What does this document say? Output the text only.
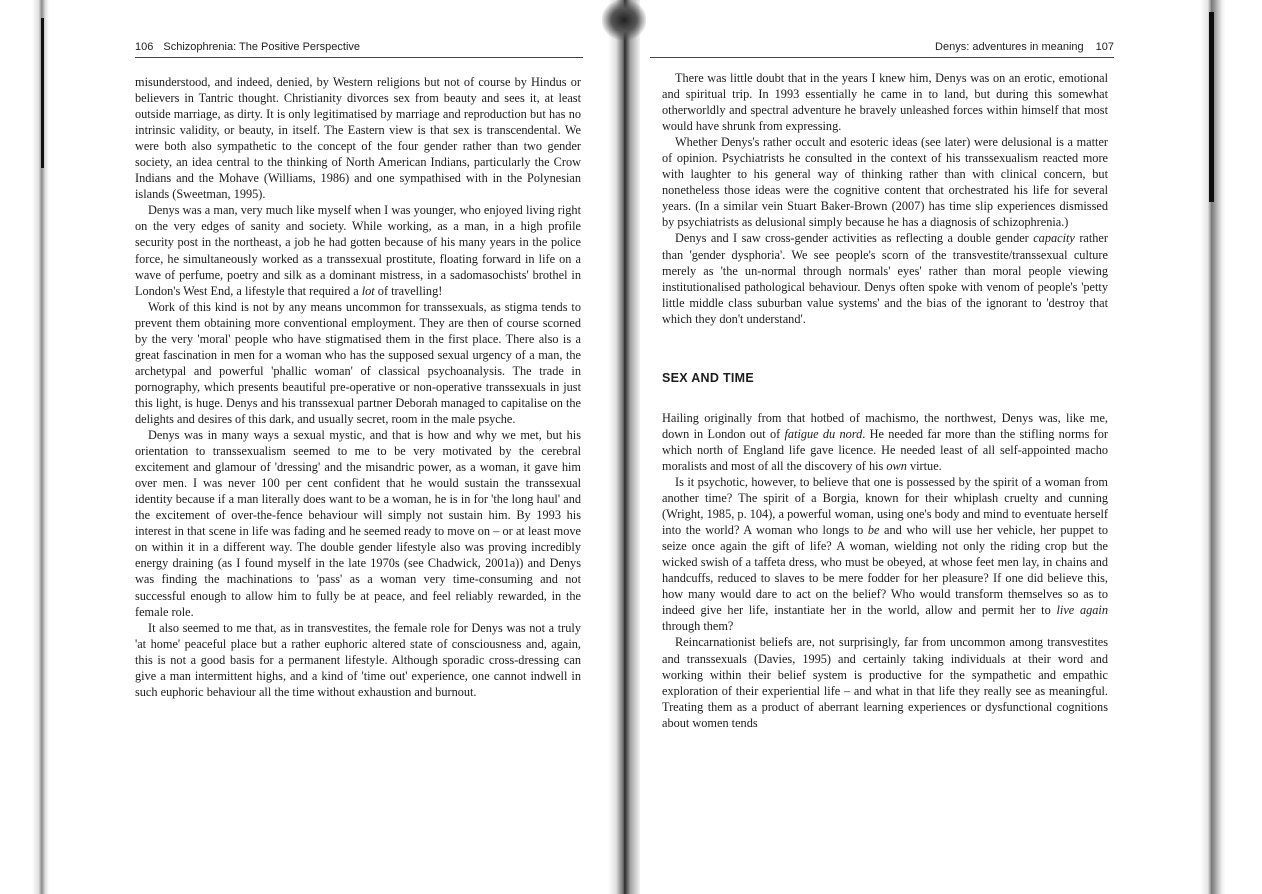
106 Schizophrenia: The Positive Perspective	Denys: adventures in meaning 107

misunderstood, and indeed, denied, by Western religions but not of course by Hindus or believers in Tantric thought. Christianity divorces sex from beauty and sees it, at least outside marriage, as dirty. It is only legitimatised by marriage and reproduction but has no intrinsic validity, or beauty, in itself. The Eastern view is that sex is transcendental. We were both also sympathetic to the concept of the four gender rather than two gender society, an idea central to the thinking of North American Indians, particularly the Crow Indians and the Mohave (Williams, 1986) and one sympathised with in the Polynesian islands (Sweetman, 1995).

Denys was a man, very much like myself when I was younger, who enjoyed living right on the very edges of sanity and society. While working, as a man, in a high profile security post in the northeast, a job he had gotten because of his many years in the police force, he simultaneously worked as a transsexual prostitute, floating forward in life on a wave of perfume, poetry and silk as a dominant mistress, in a sadomasochists' brothel in London's West End, a lifestyle that required a lot of travelling!

Work of this kind is not by any means uncommon for transsexuals, as stigma tends to prevent them obtaining more conventional employment. They are then of course scorned by the very 'moral' people who have stigmatised them in the first place. There also is a great fascination in men for a woman who has the supposed sexual urgency of a man, the archetypal and powerful 'phallic woman' of classical psychoanalysis. The trade in pornography, which presents beautiful pre-operative or non-operative transsexuals in just this light, is huge. Denys and his transsexual partner Deborah managed to capitalise on the delights and desires of this dark, and usually secret, room in the male psyche.

Denys was in many ways a sexual mystic, and that is how and why we met, but his orientation to transsexualism seemed to me to be very motivated by the cerebral excitement and glamour of 'dressing' and the misandric power, as a woman, it gave him over men. I was never 100 per cent confident that he would sustain the transsexual identity because if a man literally does want to be a woman, he is in for 'the long haul' and the excitement of over-the-fence behaviour will simply not sustain him. By 1993 his interest in that scene in life was fading and he seemed ready to move on – or at least move on within it in a different way. The double gender lifestyle also was proving incredibly energy draining (as I found myself in the late 1970s (see Chadwick, 2001a)) and Denys was finding the machinations to 'pass' as a woman very time-consuming and not successful enough to allow him to fully be at peace, and feel reliably rewarded, in the female role.

It also seemed to me that, as in transvestites, the female role for Denys was not a truly 'at home' peaceful place but a rather euphoric altered state of consciousness and, again, this is not a good basis for a permanent lifestyle. Although sporadic cross-dressing can give a man intermittent highs, and a kind of 'time out' experience, one cannot indwell in such euphoric behaviour all the time without exhaustion and burnout.

There was little doubt that in the years I knew him, Denys was on an erotic, emotional and spiritual trip. In 1993 essentially he came in to land, but during this somewhat otherworldly and spectral adventure he bravely unleashed forces within himself that most would have shrunk from expressing.

Whether Denys's rather occult and esoteric ideas (see later) were delusional is a matter of opinion. Psychiatrists he consulted in the context of his transsexualism reacted more with laughter to his general way of thinking rather than with clinical concern, but nonetheless those ideas were the cognitive content that orchestrated his life for several years. (In a similar vein Stuart Baker-Brown (2007) has time slip experiences dismissed by psychiatrists as delusional simply because he has a diagnosis of schizophrenia.)

Denys and I saw cross-gender activities as reflecting a double gender capacity rather than 'gender dysphoria'. We see people's scorn of the transvestite/transsexual culture merely as 'the un-normal through normals' eyes' rather than moral people viewing institutionalised pathological behaviour. Denys often spoke with venom of people's 'petty little middle class suburban value systems' and the bias of the ignorant to 'destroy that which they don't understand'.

SEX AND TIME

Hailing originally from that hotbed of machismo, the northwest, Denys was, like me, down in London out of fatigue du nord. He needed far more than the stifling norms for which north of England life gave licence. He needed least of all self-appointed macho moralists and most of all the discovery of his own virtue.

Is it psychotic, however, to believe that one is possessed by the spirit of a woman from another time? The spirit of a Borgia, known for their whiplash cruelty and cunning (Wright, 1985, p. 104), a powerful woman, using one's body and mind to eventuate herself into the world? A woman who longs to be and who will use her vehicle, her puppet to seize once again the gift of life? A woman, wielding not only the riding crop but the wicked swish of a taffeta dress, who must be obeyed, at whose feet men lay, in chains and handcuffs, reduced to slaves to be mere fodder for her pleasure? If one did believe this, how many would dare to act on the belief? Who would transform themselves so as to indeed give her life, instantiate her in the world, allow and permit her to live again through them?

Reincarnationist beliefs are, not surprisingly, far from uncommon among transvestites and transsexuals (Davies, 1995) and certainly taking individuals at their word and working within their belief system is productive for the sympathetic and empathic exploration of their experiential life – and what in that life they really see as meaningful. Treating them as a product of aberrant learning experiences or dysfunctional cognitions about women tends
